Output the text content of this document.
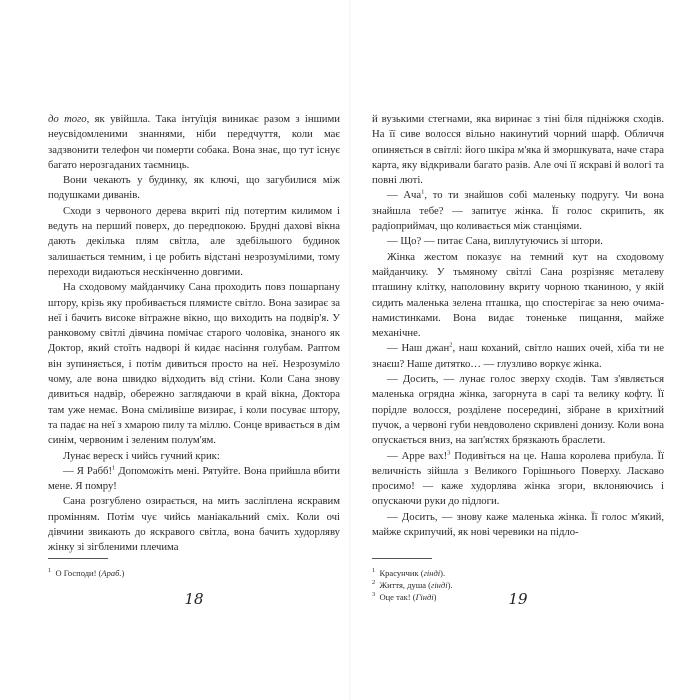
до того, як увійшла. Така інтуїція виникає разом з іншими неусвідомленими знаннями, ніби передчуття, коли має задзвонити телефон чи померти собака. Вона знає, що тут існує багато нерозгаданих таємниць.

Вони чекають у будинку, як ключі, що загубилися між подушками диванів.

Сходи з червоного дерева вкриті під потертим килимом і ведуть на перший поверх, до передпокою. Брудні дахові вікна дають декілька плям світла, але здебільшого будинок залишається темним, і це робить відстані незрозумілими, тому переходи видаються нескінченно довгими.

На сходовому майданчику Сана проходить повз пошарпану штору, крізь яку пробивається плямисте світло. Вона зазирає за неї і бачить високе вітражне вікно, що виходить на подвір'я. У ранковому світлі дівчина помічає старого чоловіка, знаного як Доктор, який стоїть надворі й кидає насіння голубам. Раптом він зупиняється, і потім дивиться просто на неї. Незрозуміло чому, але вона швидко відходить від стіни. Коли Сана знову дивиться надвір, обережно заглядаючи в край вікна, Доктора там уже немає. Вона сміливіше визирає, і коли посуває штору, та падає на неї з хмарою пилу та міллю. Сонце вривається в дім синім, червоним і зеленим полум'ям.

Лунає вереск і чийсь гучний крик:

— Я Рабб!$^1$ Допоможіть мені. Рятуйте. Вона прийшла вбити мене. Я помру!

Сана розгублено озирається, на мить засліплена яскравим промінням. Потім чує чийсь маніакальний сміх. Коли очі дівчини звикають до яскравого світла, вона бачить худорляву жінку зі зігбленими плечима

$^1$  О Господи! (Араб.)

18

й вузькими стегнами, яка виринає з тіні біля підніжжя сходів. На її сиве волосся вільно накинутий чорний шарф. Обличчя опиняється в світлі: його шкіра м'яка й зморшкувата, наче стара карта, яку відкривали багато разів. Але очі її яскраві й вологі та повні люті.

— Ача$^1$, то ти знайшов собі маленьку подругу. Чи вона знайшла тебе? — запитує жінка. Її голос скрипить, як радіоприймач, що коливається між станціями.

— Що? — питає Сана, виплутуючись зі штори.

Жінка жестом показує на темний кут на сходовому майданчику. У тьмяному світлі Сана розрізняє металеву пташину клітку, наполовину вкриту чорною тканиною, у якій сидить маленька зелена пташка, що спостерігає за нею очима-намистинками. Вона видає тоненьке пищання, майже механічне.

— Наш джан$^2$, наш коханий, світло наших очей, хіба ти не знаєш? Наше дитятко… — глузливо воркує жінка.

— Досить, — лунає голос зверху сходів. Там з'являється маленька огрядна жінка, загорнута в сарі та велику кофту. Її порідле волосся, розділене посередині, зібране в крихітний пучок, а червоні губи невдоволено скривлені донизу. Коли вона опускається вниз, на зап'ястях брязкають браслети.

— Арре вах!$^3$ Подивіться на це. Наша королева прибула. Її величність зійшла з Великого Горішнього Поверху. Ласкаво просимо! — каже худорлява жінка згори, вклоняючись і опускаючи руки до підлоги.

— Досить, — знову каже маленька жінка. Її голос м'який, майже скрипучий, як нові черевики на підло-

$^1$  Красунчик (гінді).

$^2$  Життя, душа (гінді).

$^3$  Оце так! (Гінді)	19
